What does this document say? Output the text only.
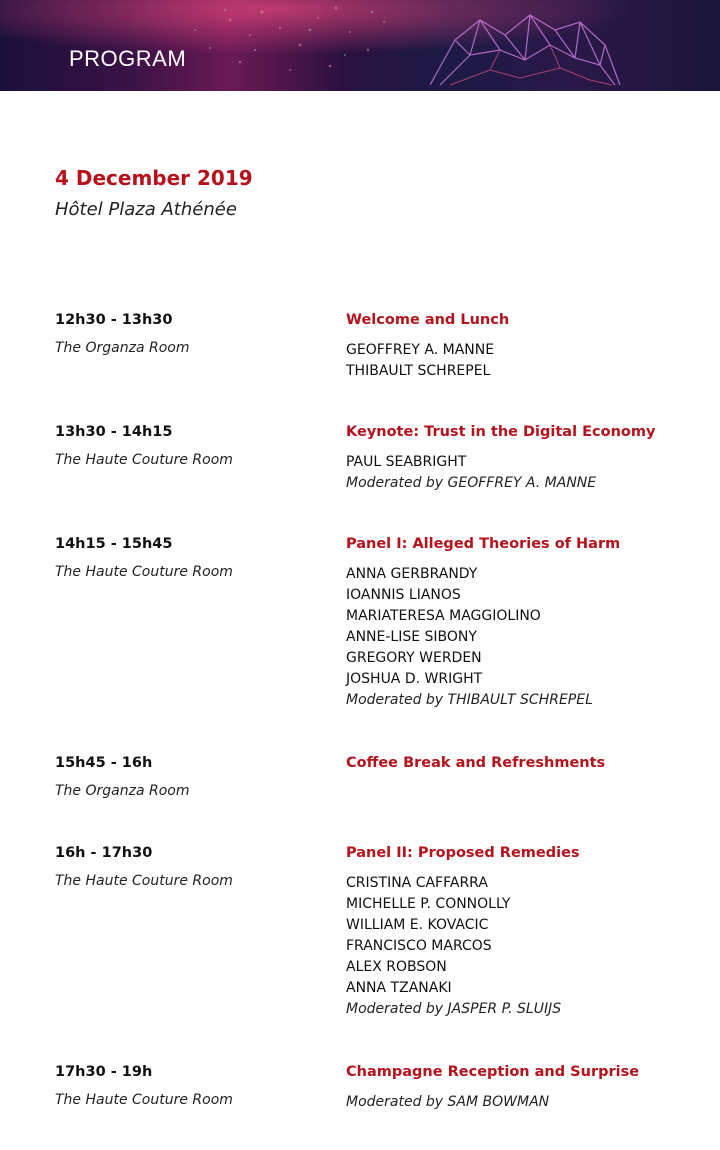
PROGRAM
4 December 2019
Hôtel Plaza Athénée
12h30 - 13h30
The Organza Room
Welcome and Lunch
GEOFFREY A. MANNE
THIBAULT SCHREPEL
13h30 - 14h15
The Haute Couture Room
Keynote: Trust in the Digital Economy
PAUL SEABRIGHT
Moderated by GEOFFREY A. MANNE
14h15 - 15h45
The Haute Couture Room
Panel I: Alleged Theories of Harm
ANNA GERBRANDY
IOANNIS LIANOS
MARIATERESA MAGGIOLINO
ANNE-LISE SIBONY
GREGORY WERDEN
JOSHUA D. WRIGHT
Moderated by THIBAULT SCHREPEL
15h45 - 16h
The Organza Room
Coffee Break and Refreshments
16h - 17h30
The Haute Couture Room
Panel II: Proposed Remedies
CRISTINA CAFFARRA
MICHELLE P. CONNOLLY
WILLIAM E. KOVACIC
FRANCISCO MARCOS
ALEX ROBSON
ANNA TZANAKI
Moderated by JASPER P. SLUIJS
17h30 - 19h
The Haute Couture Room
Champagne Reception and Surprise
Moderated by SAM BOWMAN
